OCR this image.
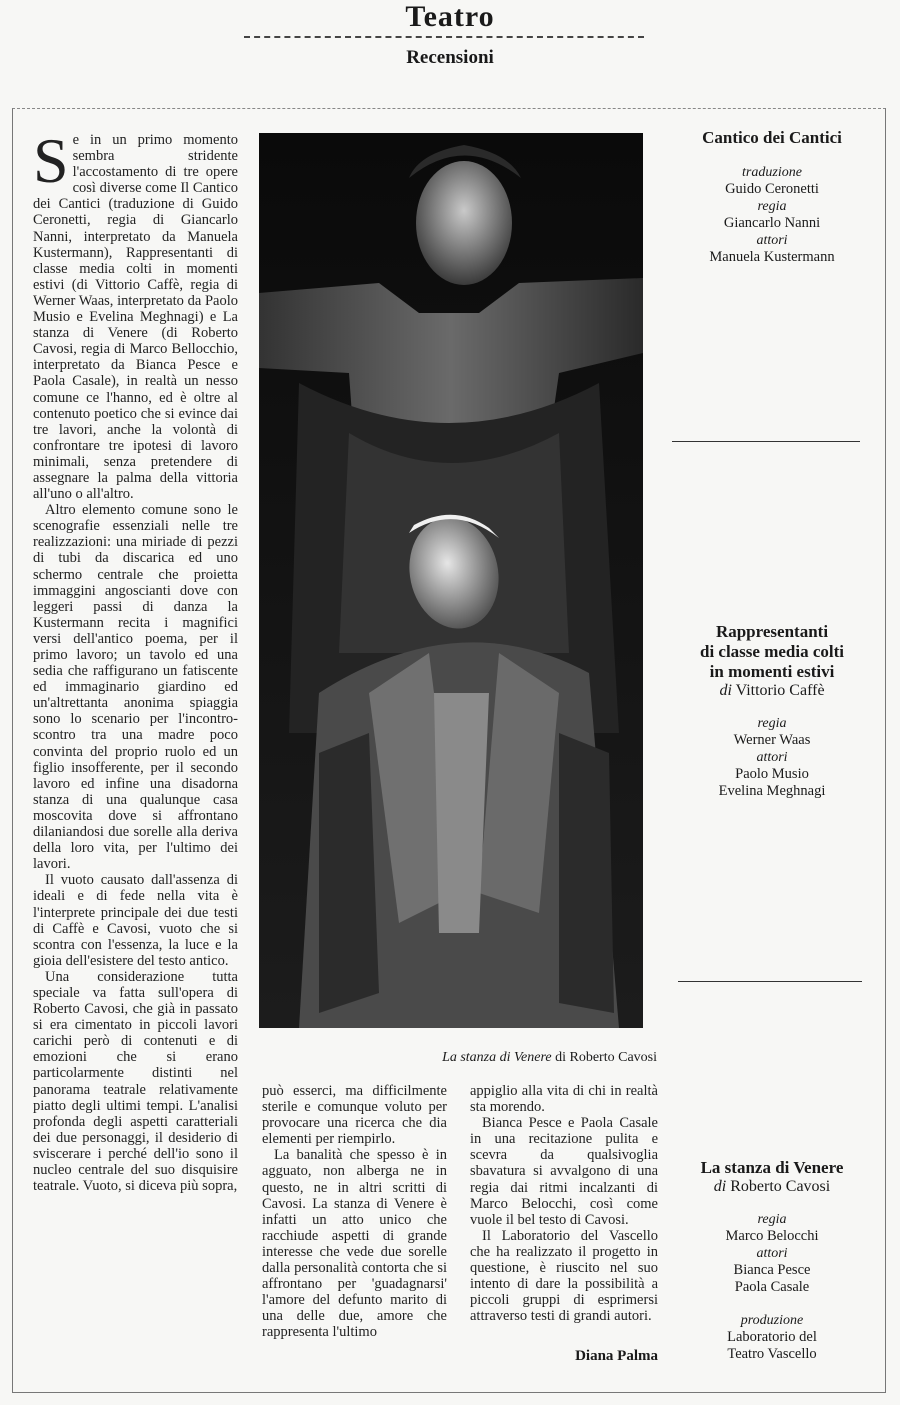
Teatro
Recensioni

Se in un primo momento sembra stridente l'accostamento di tre opere così diverse come Il Cantico dei Cantici (traduzione di Guido Ceronetti, regia di Giancarlo Nanni, interpretato da Manuela Kustermann), Rappresentanti di classe media colti in momenti estivi (di Vittorio Caffè, regia di Werner Waas, interpretato da Paolo Musio e Evelina Meghnagi) e La stanza di Venere (di Roberto Cavosi, regia di Marco Bellocchio, interpretato da Bianca Pesce e Paola Casale), in realtà un nesso comune ce l'hanno, ed è oltre al contenuto poetico che si evince dai tre lavori, anche la volontà di confrontare tre ipotesi di lavoro minimali, senza pretendere di assegnare la palma della vittoria all'uno o all'altro.

Altro elemento comune sono le scenografie essenziali nelle tre realizzazioni: una miriade di pezzi di tubi da discarica ed uno schermo centrale che proietta immaggini angoscianti dove con leggeri passi di danza la Kustermann recita i magnifici versi dell'antico poema, per il primo lavoro; un tavolo ed una sedia che raffigurano un fatiscente ed immaginario giardino ed un'altrettanta anonima spiaggia sono lo scenario per l'incontro-scontro tra una madre poco convinta del proprio ruolo ed un figlio insofferente, per il secondo lavoro ed infine una disadorna stanza di una qualunque casa moscovita dove si affrontano dilaniandosi due sorelle alla deriva della loro vita, per l'ultimo dei lavori.

Il vuoto causato dall'assenza di ideali e di fede nella vita è l'interprete principale dei due testi di Caffè e Cavosi, vuoto che si scontra con l'essenza, la luce e la gioia dell'esistere del testo antico.

Una considerazione tutta speciale va fatta sull'opera di Roberto Cavosi, che già in passato si era cimentato in piccoli lavori carichi però di contenuti e di emozioni che si erano particolarmente distinti nel panorama teatrale relativamente piatto degli ultimi tempi. L'analisi profonda degli aspetti caratteriali dei due personaggi, il desiderio di sviscerare i perché dell'io sono il nucleo centrale del suo disquisire teatrale. Vuoto, si diceva più sopra,

La stanza di Venere di Roberto Cavosi

può esserci, ma difficilmente sterile e comunque voluto per provocare una ricerca che dia elementi per riempirlo.

La banalità che spesso è in agguato, non alberga ne in questo, ne in altri scritti di Cavosi. La stanza di Venere è infatti un atto unico che racchiude aspetti di grande interesse che vede due sorelle dalla personalità contorta che si affrontano per 'guadagnarsi' l'amore del defunto marito di una delle due, amore che rappresenta l'ultimo

appiglio alla vita di chi in realtà sta morendo.

Bianca Pesce e Paola Casale in una recitazione pulita e scevra da qualsivoglia sbavatura si avvalgono di una regia dai ritmi incalzanti di Marco Belocchi, così come vuole il bel testo di Cavosi.

Il Laboratorio del Vascello che ha realizzato il progetto in questione, è riuscito nel suo intento di dare la possibilità a piccoli gruppi di esprimersi attraverso testi di grandi autori.

Diana Palma
Cantico dei Cantici
traduzione
Guido Ceronetti
regia
Giancarlo Nanni
attori
Manuela Kustermann
Rappresentanti
di classe media colti
in momenti estivi
di Vittorio Caffè
regia
Werner Waas
attori
Paolo Musio
Evelina Meghnagi
La stanza di Venere
di Roberto Cavosi
regia
Marco Belocchi
attori
Bianca Pesce
Paola Casale
produzione
Laboratorio del
Teatro Vascello
